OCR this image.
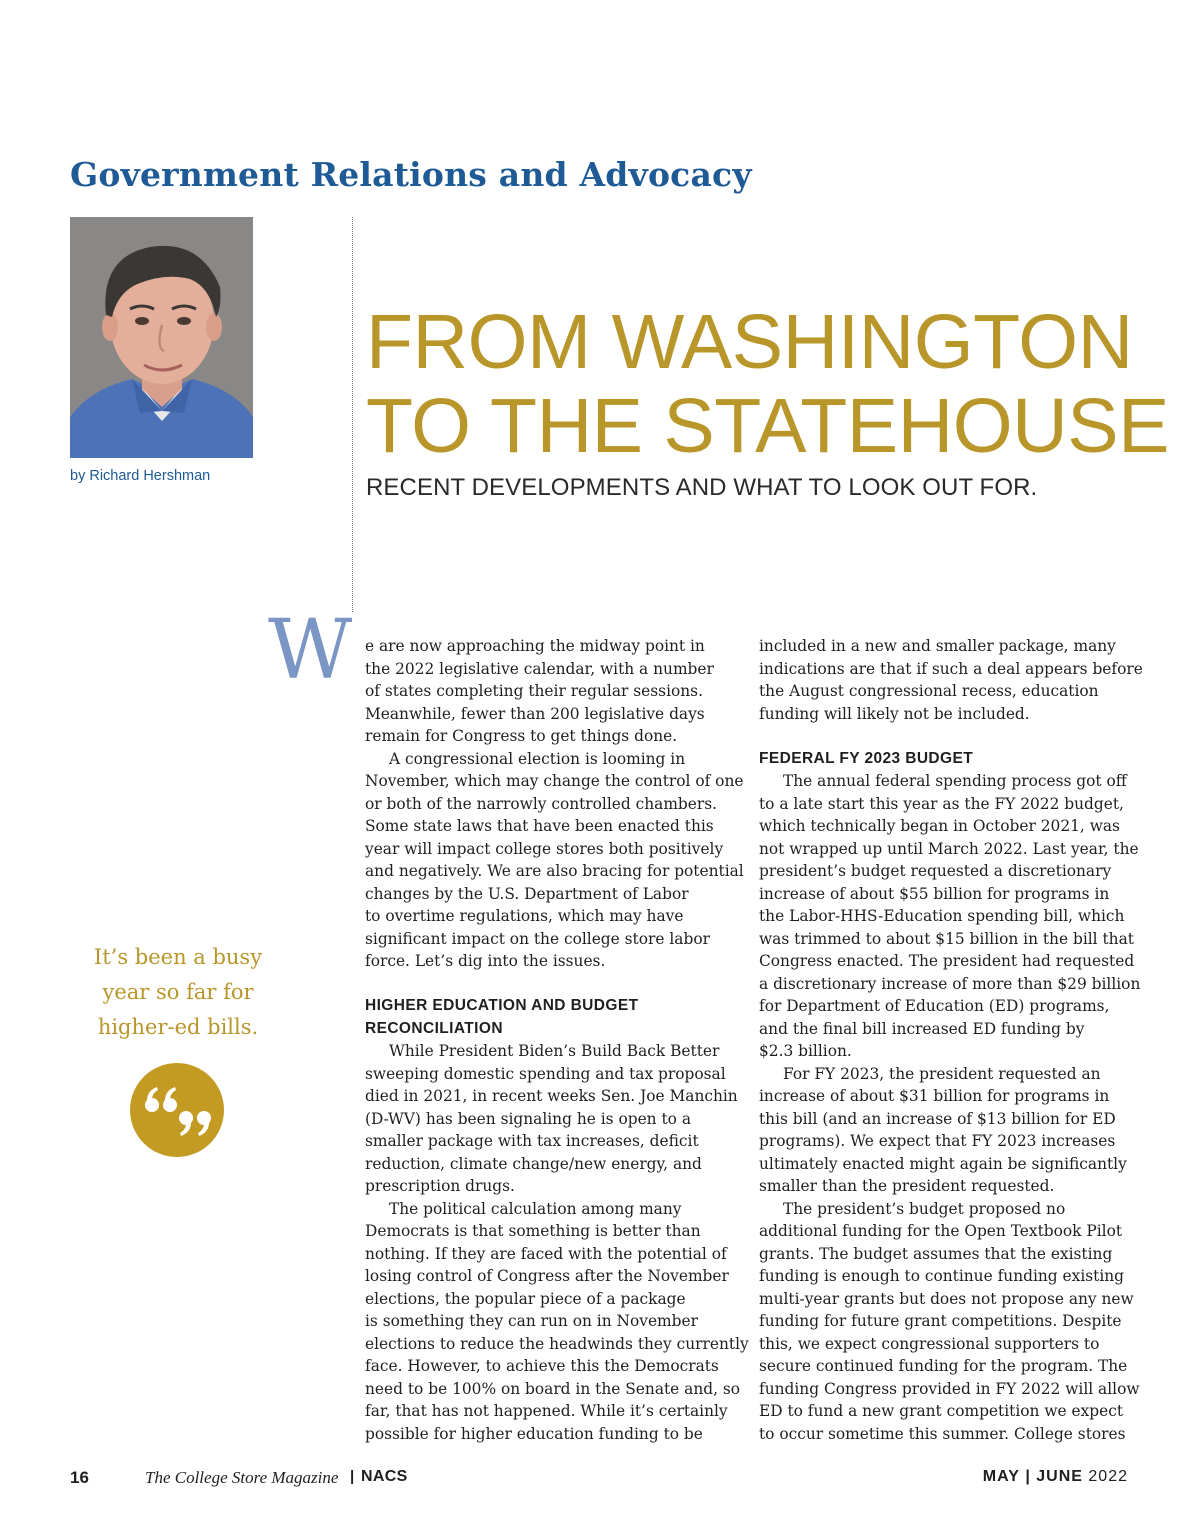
Government Relations and Advocacy
by Richard Hershman
FROM WASHINGTON
TO THE STATEHOUSE
RECENT DEVELOPMENTS AND WHAT TO LOOK OUT FOR.
It’s been a busy
year so far for
higher-ed bills.
W e are now approaching the midway point in
the 2022 legislative calendar, with a number
of states completing their regular sessions.
Meanwhile, fewer than 200 legislative days
remain for Congress to get things done.
A congressional election is looming in
November, which may change the control of one
or both of the narrowly controlled chambers.
Some state laws that have been enacted this
year will impact college stores both positively
and negatively. We are also bracing for potential
changes by the U.S. Department of Labor
to overtime regulations, which may have
significant impact on the college store labor
force. Let’s dig into the issues.
HIGHER EDUCATION AND BUDGET
RECONCILIATION
While President Biden’s Build Back Better
sweeping domestic spending and tax proposal
died in 2021, in recent weeks Sen. Joe Manchin
(D-WV) has been signaling he is open to a
smaller package with tax increases, deficit
reduction, climate change/new energy, and
prescription drugs.
The political calculation among many
Democrats is that something is better than
nothing. If they are faced with the potential of
losing control of Congress after the November
elections, the popular piece of a package
is something they can run on in November
elections to reduce the headwinds they currently
face. However, to achieve this the Democrats
need to be 100% on board in the Senate and, so
far, that has not happened. While it’s certainly
possible for higher education funding to be
included in a new and smaller package, many
indications are that if such a deal appears before
the August congressional recess, education
funding will likely not be included.
FEDERAL FY 2023 BUDGET
The annual federal spending process got off
to a late start this year as the FY 2022 budget,
which technically began in October 2021, was
not wrapped up until March 2022. Last year, the
president’s budget requested a discretionary
increase of about $55 billion for programs in
the Labor-HHS-Education spending bill, which
was trimmed to about $15 billion in the bill that
Congress enacted. The president had requested
a discretionary increase of more than $29 billion
for Department of Education (ED) programs,
and the final bill increased ED funding by
$2.3 billion.
For FY 2023, the president requested an
increase of about $31 billion for programs in
this bill (and an increase of $13 billion for ED
programs). We expect that FY 2023 increases
ultimately enacted might again be significantly
smaller than the president requested.
The president’s budget proposed no
additional funding for the Open Textbook Pilot
grants. The budget assumes that the existing
funding is enough to continue funding existing
multi-year grants but does not propose any new
funding for future grant competitions. Despite
this, we expect congressional supporters to
secure continued funding for the program. The
funding Congress provided in FY 2022 will allow
ED to fund a new grant competition we expect
to occur sometime this summer. College stores
16	The College Store Magazine | NACS	MAY | JUNE 2022
